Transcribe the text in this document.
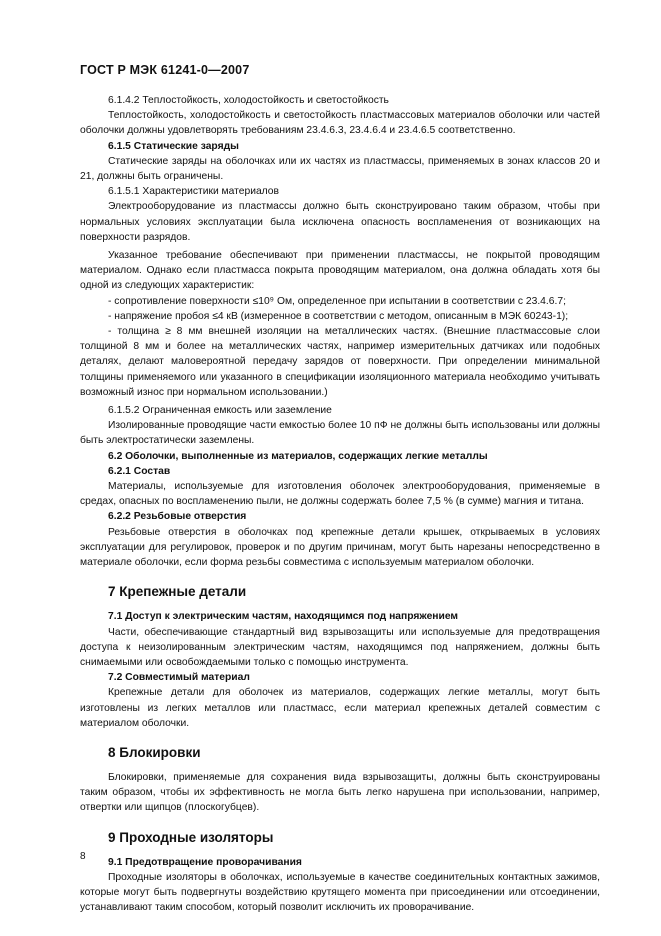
ГОСТ Р МЭК 61241-0—2007

6.1.4.2 Теплостойкость, холодостойкость и светостойкость

Теплостойкость, холодостойкость и светостойкость пластмассовых материалов оболочки или частей оболочки должны удовлетворять требованиям 23.4.6.3, 23.4.6.4 и 23.4.6.5 соответственно.

6.1.5 Статические заряды

Статические заряды на оболочках или их частях из пластмассы, применяемых в зонах классов 20 и 21, должны быть ограничены.

6.1.5.1 Характеристики материалов

Электрооборудование из пластмассы должно быть сконструировано таким образом, чтобы при нормальных условиях эксплуатации была исключена опасность воспламенения от возникающих на поверхности разрядов.

Указанное требование обеспечивают при применении пластмассы, не покрытой проводящим материалом. Однако если пластмасса покрыта проводящим материалом, она должна обладать хотя бы одной из следующих характеристик:

- сопротивление поверхности ≤10⁹ Ом, определенное при испытании в соответствии с 23.4.6.7;

- напряжение пробоя ≤4 кВ (измеренное в соответствии с методом, описанным в МЭК 60243-1);

- толщина ≥ 8 мм внешней изоляции на металлических частях. (Внешние пластмассовые слои толщиной 8 мм и более на металлических частях, например измерительных датчиках или подобных деталях, делают маловероятной передачу зарядов от поверхности. При определении минимальной толщины применяемого или указанного в спецификации изоляционного материала необходимо учитывать возможный износ при нормальном использовании.)

6.1.5.2 Ограниченная емкость или заземление

Изолированные проводящие части емкостью более 10 пФ не должны быть использованы или должны быть электростатически заземлены.

6.2 Оболочки, выполненные из материалов, содержащих легкие металлы

6.2.1 Состав

Материалы, используемые для изготовления оболочек электрооборудования, применяемые в средах, опасных по воспламенению пыли, не должны содержать более 7,5 % (в сумме) магния и титана.

6.2.2 Резьбовые отверстия

Резьбовые отверстия в оболочках под крепежные детали крышек, открываемых в условиях эксплуатации для регулировок, проверок и по другим причинам, могут быть нарезаны непосредственно в материале оболочки, если форма резьбы совместима с используемым материалом оболочки.

7 Крепежные детали

7.1 Доступ к электрическим частям, находящимся под напряжением

Части, обеспечивающие стандартный вид взрывозащиты или используемые для предотвращения доступа к неизолированным электрическим частям, находящимся под напряжением, должны быть снимаемыми или освобождаемыми только с помощью инструмента.

7.2 Совместимый материал

Крепежные детали для оболочек из материалов, содержащих легкие металлы, могут быть изготовлены из легких металлов или пластмасс, если материал крепежных деталей совместим с материалом оболочки.

8 Блокировки

Блокировки, применяемые для сохранения вида взрывозащиты, должны быть сконструированы таким образом, чтобы их эффективность не могла быть легко нарушена при использовании, например, отвертки или щипцов (плоскогубцев).

9 Проходные изоляторы

9.1 Предотвращение проворачивания

Проходные изоляторы в оболочках, используемые в качестве соединительных контактных зажимов, которые могут быть подвергнуты воздействию крутящего момента при присоединении или отсоединении, устанавливают таким способом, который позволит исключить их проворачивание.

8
